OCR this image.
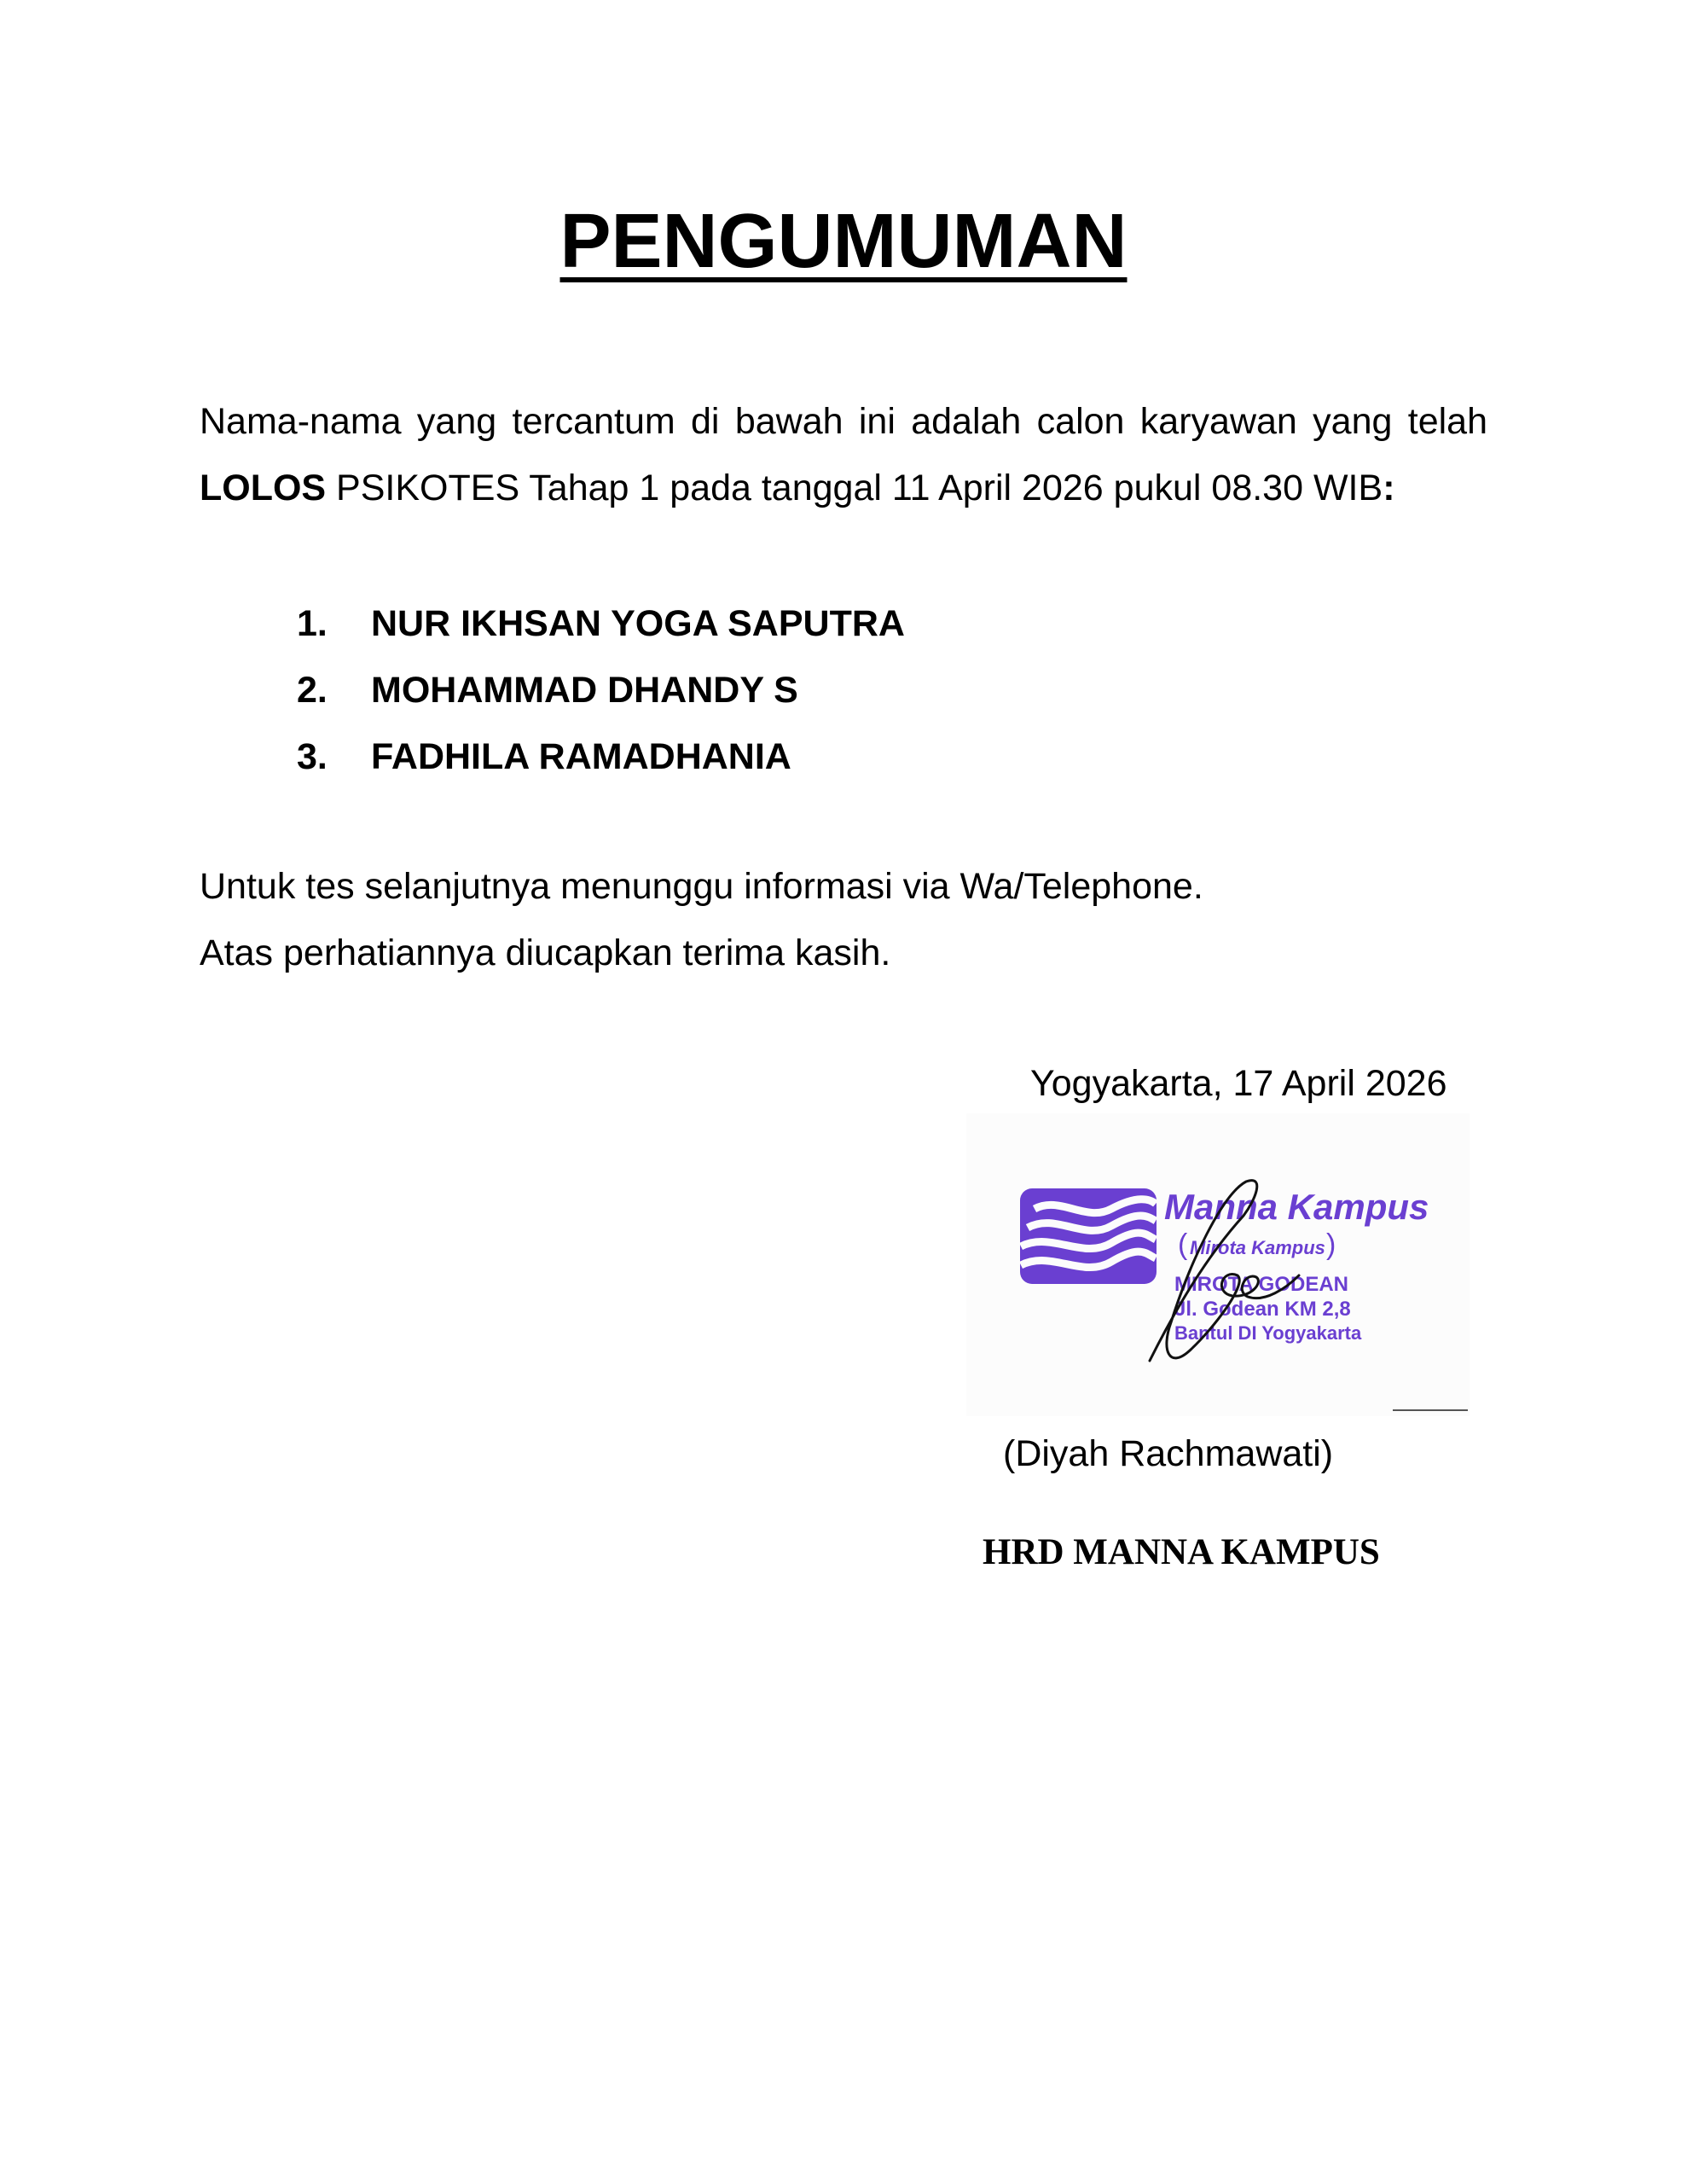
PENGUMUMAN
Nama-nama yang tercantum di bawah ini adalah calon karyawan yang telah LOLOS PSIKOTES Tahap 1 pada tanggal 11 April 2026 pukul 08.30 WIB:
1. NUR IKHSAN YOGA SAPUTRA
2. MOHAMMAD DHANDY S
3. FADHILA RAMADHANIA
Untuk tes selanjutnya menunggu informasi via Wa/Telephone.
Atas perhatiannya diucapkan terima kasih.
Yogyakarta, 17 April 2026
Manna Kampus
Mirota Kampus
(	)
MIROTA GODEAN
Jl. Godean KM 2,8
Bantul DI Yogyakarta
(Diyah Rachmawati)
HRD MANNA KAMPUS
